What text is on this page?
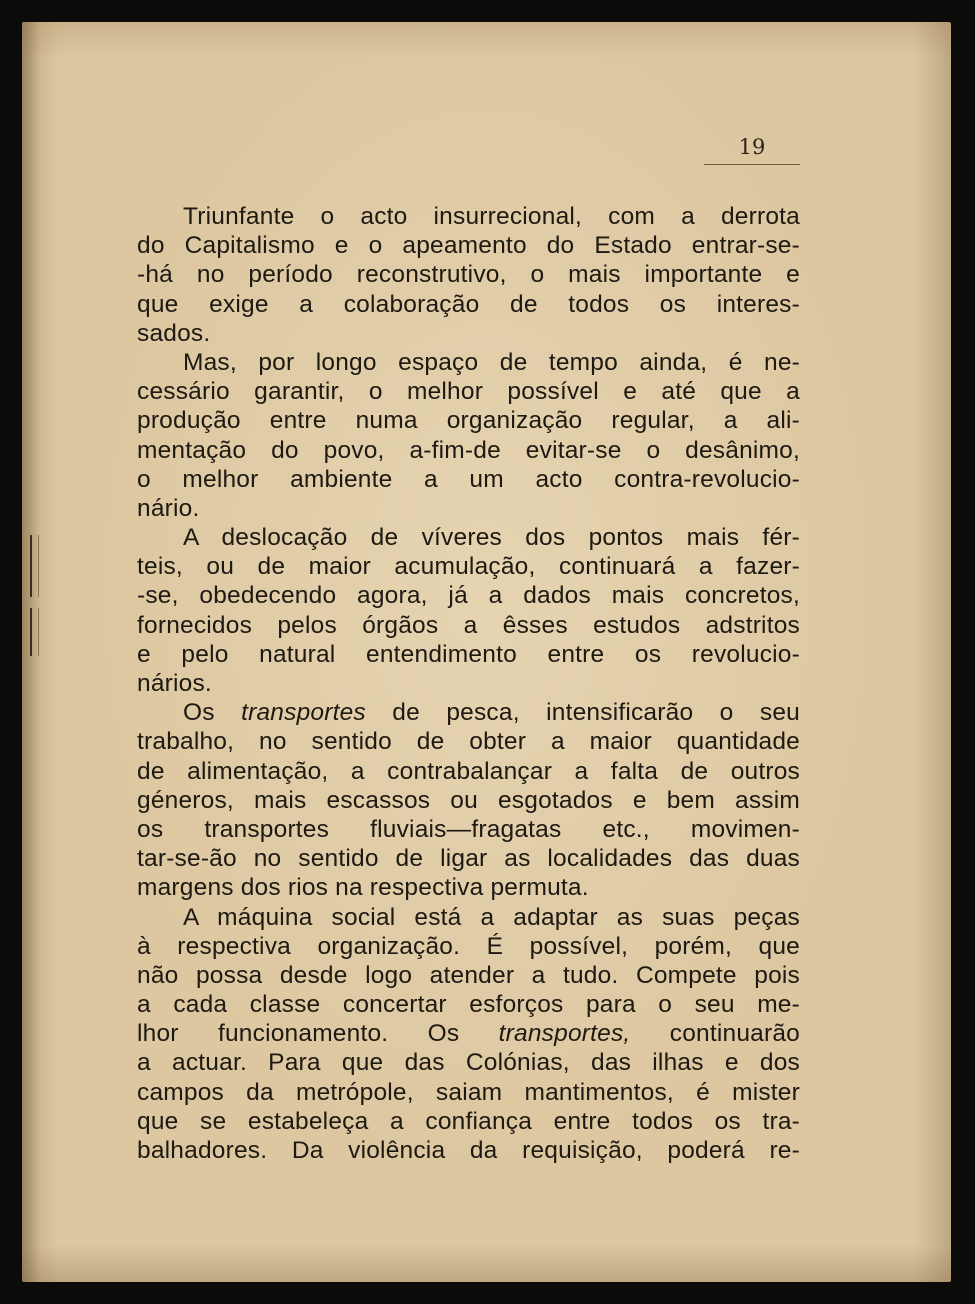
19
Triunfante o acto insurrecional, com a derrota
do Capitalismo e o apeamento do Estado entrar-se-
-há no período reconstrutivo, o mais importante e
que exige a colaboração de todos os interes-
sados.
Mas, por longo espaço de tempo ainda, é ne-
cessário garantir, o melhor possível e até que a
produção entre numa organização regular, a ali-
mentação do povo, a-fim-de evitar-se o desânimo,
o melhor ambiente a um acto contra-revolucio-
nário.
A deslocação de víveres dos pontos mais fér-
teis, ou de maior acumulação, continuará a fazer-
-se, obedecendo agora, já a dados mais concretos,
fornecidos pelos órgãos a êsses estudos adstritos
e pelo natural entendimento entre os revolucio-
nários.
Os transportes de pesca, intensificarão o seu
trabalho, no sentido de obter a maior quantidade
de alimentação, a contrabalançar a falta de outros
géneros, mais escassos ou esgotados e bem assim
os transportes fluviais—fragatas etc., movimen-
tar-se-ão no sentido de ligar as localidades das duas
margens dos rios na respectiva permuta.
A máquina social está a adaptar as suas peças
à respectiva organização. É possível, porém, que
não possa desde logo atender a tudo. Compete pois
a cada classe concertar esforços para o seu me-
lhor funcionamento. Os transportes, continuarão
a actuar. Para que das Colónias, das ilhas e dos
campos da metrópole, saiam mantimentos, é mister
que se estabeleça a confiança entre todos os tra-
balhadores. Da violência da requisição, poderá re-
